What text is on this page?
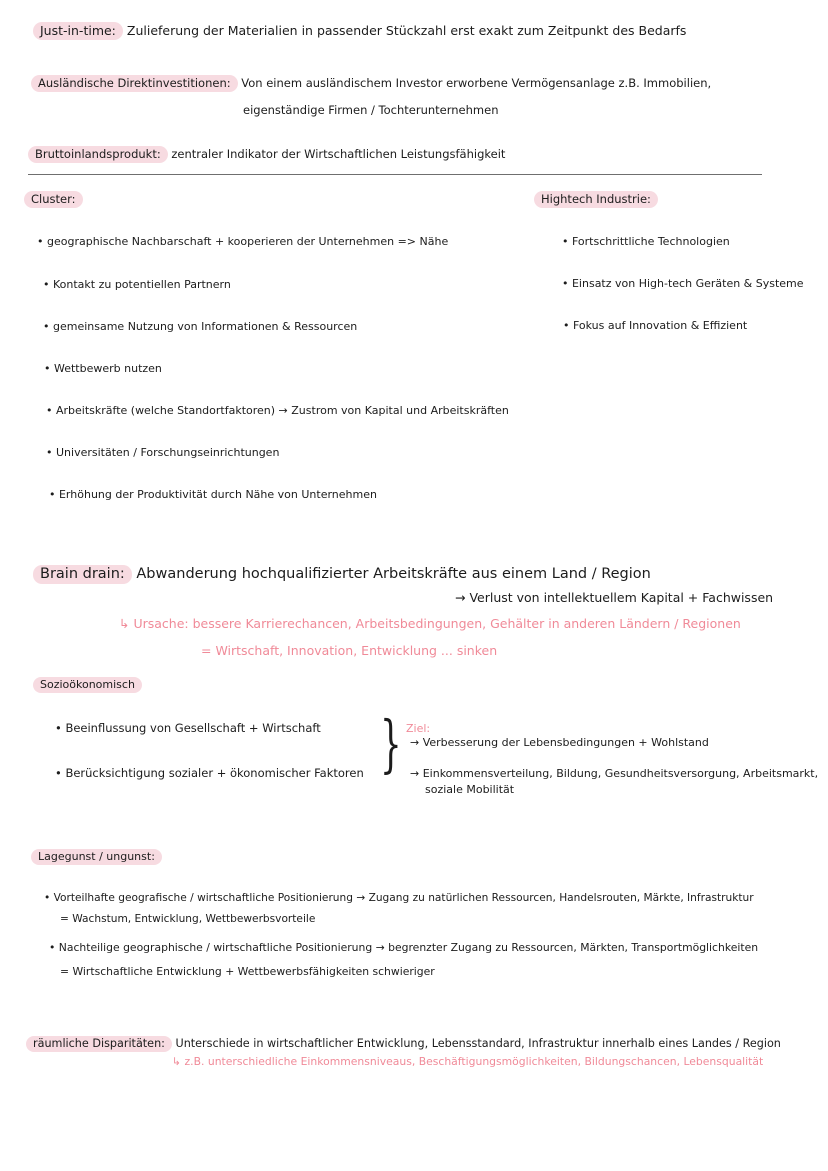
Just-in-time: Zulieferung der Materialien in passender Stückzahl erst exakt zum Zeitpunkt des Bedarfs
Ausländische Direktinvestitionen: Von einem ausländischem Investor erworbene Vermögensanlage z.B. Immobilien,
eigenständige Firmen / Tochterunternehmen
Bruttoinlandsprodukt: zentraler Indikator der Wirtschaftlichen Leistungsfähigkeit
Cluster:
• geographische Nachbarschaft + kooperieren der Unternehmen => Nähe
• Kontakt zu potentiellen Partnern
• gemeinsame Nutzung von Informationen & Ressourcen
• Wettbewerb nutzen
• Arbeitskräfte (welche Standortfaktoren) → Zustrom von Kapital und Arbeitskräften
• Universitäten / Forschungseinrichtungen
• Erhöhung der Produktivität durch Nähe von Unternehmen
Hightech Industrie:
• Fortschrittliche Technologien
• Einsatz von High-tech Geräten & Systeme
• Fokus auf Innovation & Effizient
Brain drain: Abwanderung hochqualifizierter Arbeitskräfte aus einem Land / Region
→ Verlust von intellektuellem Kapital + Fachwissen
↳ Ursache: bessere Karrierechancen, Arbeitsbedingungen, Gehälter in anderen Ländern / Regionen
= Wirtschaft, Innovation, Entwicklung ... sinken
Sozioökonomisch
• Beeinflussung von Gesellschaft + Wirtschaft
• Berücksichtigung sozialer + ökonomischer Faktoren } Ziel:
→ Verbesserung der Lebensbedingungen + Wohlstand
→ Einkommensverteilung, Bildung, Gesundheitsversorgung, Arbeitsmarkt,
soziale Mobilität
Lagegunst / ungunst:
• Vorteilhafte geografische / wirtschaftliche Positionierung → Zugang zu natürlichen Ressourcen, Handelsrouten, Märkte, Infrastruktur
= Wachstum, Entwicklung, Wettbewerbsvorteile
• Nachteilige geographische / wirtschaftliche Positionierung → begrenzter Zugang zu Ressourcen, Märkten, Transportmöglichkeiten
= Wirtschaftliche Entwicklung + Wettbewerbsfähigkeiten schwieriger
räumliche Disparitäten: Unterschiede in wirtschaftlicher Entwicklung, Lebensstandard, Infrastruktur innerhalb eines Landes / Region
↳ z.B. unterschiedliche Einkommensniveaus, Beschäftigungsmöglichkeiten, Bildungschancen, Lebensqualität
